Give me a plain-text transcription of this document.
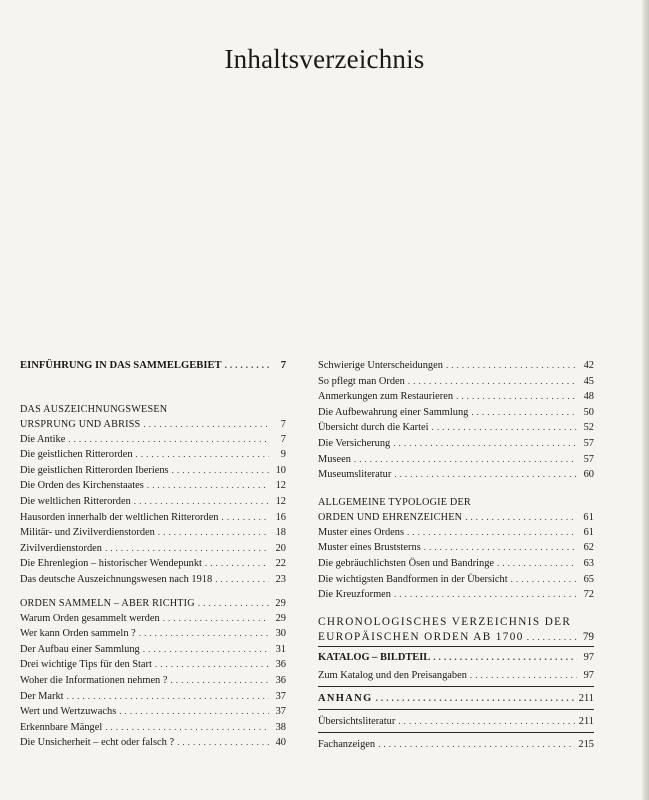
Inhaltsverzeichnis
EINFÜHRUNG IN DAS SAMMELGEBIET . . .	7
DAS AUSZEICHNUNGSWESEN
URSPRUNG UND ABRISS . . .	7
Die Antike . . .	7
Die geistlichen Ritterorden . . .	9
Die geistlichen Ritterorden Iberiens . . .	10
Die Orden des Kirchenstaates . . .	12
Die weltlichen Ritterorden . . .	12
Hausorden innerhalb der weltlichen Ritterorden . . .	16
Militär- und Zivilverdienstorden . . .	18
Zivilverdienstorden . . .	20
Die Ehrenlegion – historischer Wendepunkt . . .	22
Das deutsche Auszeichnungswesen nach 1918 . . .	23
ORDEN SAMMELN – ABER RICHTIG . . .	29
Warum Orden gesammelt werden . . .	29
Wer kann Orden sammeln ? . . .	30
Der Aufbau einer Sammlung . . .	31
Drei wichtige Tips für den Start . . .	36
Woher die Informationen nehmen ? . . .	36
Der Markt . . .	37
Wert und Wertzuwachs . . .	37
Erkennbare Mängel . . .	38
Die Unsicherheit – echt oder falsch ? . . .	40
Schwierige Unterscheidungen . . .	42
So pflegt man Orden . . .	45
Anmerkungen zum Restaurieren . . .	48
Die Aufbewahrung einer Sammlung . . .	50
Übersicht durch die Kartei . . .	52
Die Versicherung . . .	57
Museen . . .	57
Museumsliteratur . . .	60
ALLGEMEINE TYPOLOGIE DER
ORDEN UND EHRENZEICHEN . . .	61
Muster eines Ordens . . .	61
Muster eines Bruststerns . . .	62
Die gebräuchlichsten Ösen und Bandringe . . .	63
Die wichtigsten Bandformen in der Übersicht . . .	65
Die Kreuzformen . . .	72
CHRONOLOGISCHES VERZEICHNIS DER
EUROPÄISCHEN ORDEN AB 1700 . . .	79
KATALOG – BILDTEIL . . .	97
Zum Katalog und den Preisangaben . . .	97
ANHANG . . .	211
Übersichtsliteratur . . .	211
Fachanzeigen . . .	215
